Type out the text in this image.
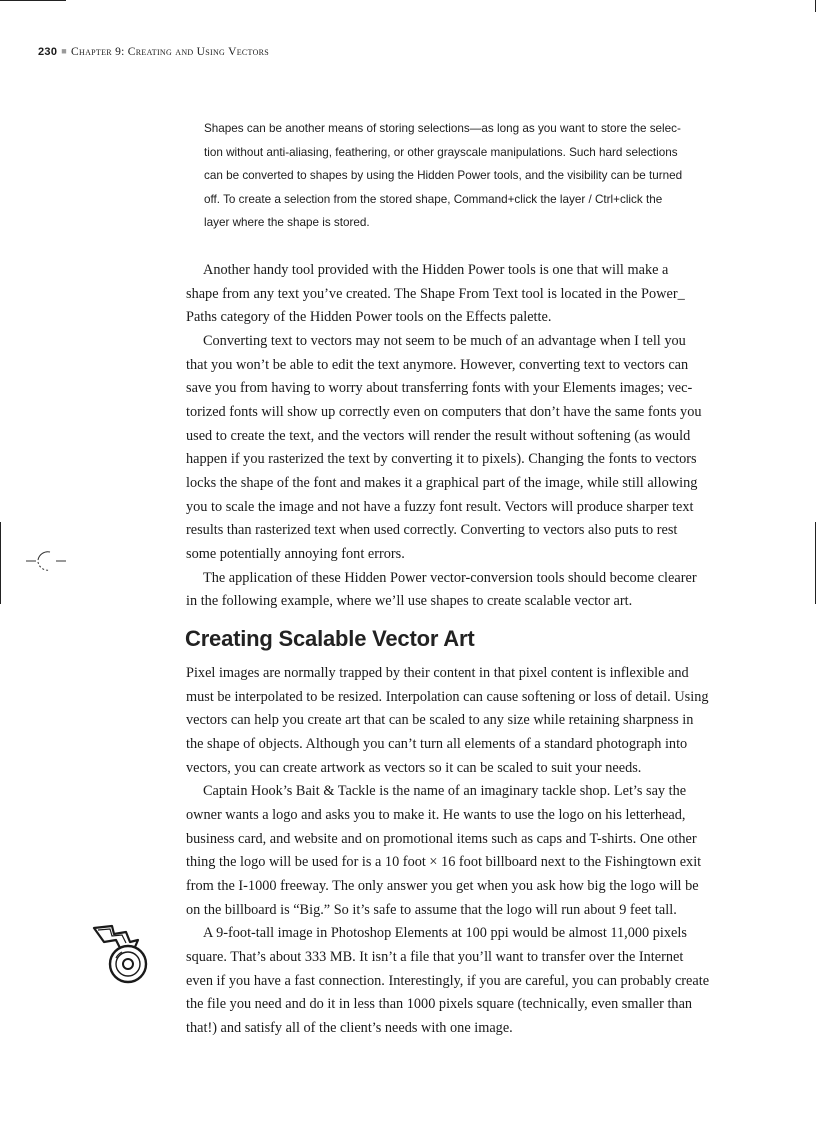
230 ■ Chapter 9: Creating and Using Vectors

Shapes can be another means of storing selections—as long as you want to store the selec-

tion without anti-aliasing, feathering, or other grayscale manipulations. Such hard selections

can be converted to shapes by using the Hidden Power tools, and the visibility can be turned

off. To create a selection from the stored shape, Command+click the layer / Ctrl+click the

layer where the shape is stored.

Another handy tool provided with the Hidden Power tools is one that will make a

shape from any text you’ve created. The Shape From Text tool is located in the Power_

Paths category of the Hidden Power tools on the Effects palette.

Converting text to vectors may not seem to be much of an advantage when I tell you

that you won’t be able to edit the text anymore. However, converting text to vectors can

save you from having to worry about transferring fonts with your Elements images; vec-

torized fonts will show up correctly even on computers that don’t have the same fonts you

used to create the text, and the vectors will render the result without softening (as would

happen if you rasterized the text by converting it to pixels). Changing the fonts to vectors

locks the shape of the font and makes it a graphical part of the image, while still allowing

you to scale the image and not have a fuzzy font result. Vectors will produce sharper text

results than rasterized text when used correctly. Converting to vectors also puts to rest

some potentially annoying font errors.

The application of these Hidden Power vector-conversion tools should become clearer

in the following example, where we’ll use shapes to create scalable vector art.

Creating Scalable Vector Art

Pixel images are normally trapped by their content in that pixel content is inflexible and

must be interpolated to be resized. Interpolation can cause softening or loss of detail. Using

vectors can help you create art that can be scaled to any size while retaining sharpness in

the shape of objects. Although you can’t turn all elements of a standard photograph into

vectors, you can create artwork as vectors so it can be scaled to suit your needs.

Captain Hook’s Bait & Tackle is the name of an imaginary tackle shop. Let’s say the

owner wants a logo and asks you to make it. He wants to use the logo on his letterhead,

business card, and website and on promotional items such as caps and T-shirts. One other

thing the logo will be used for is a 10 foot × 16 foot billboard next to the Fishingtown exit

from the I-1000 freeway. The only answer you get when you ask how big the logo will be

on the billboard is “Big.” So it’s safe to assume that the logo will run about 9 feet tall.

A 9-foot-tall image in Photoshop Elements at 100 ppi would be almost 11,000 pixels

square. That’s about 333 MB. It isn’t a file that you’ll want to transfer over the Internet

even if you have a fast connection. Interestingly, if you are careful, you can probably create

the file you need and do it in less than 1000 pixels square (technically, even smaller than

that!) and satisfy all of the client’s needs with one image.
